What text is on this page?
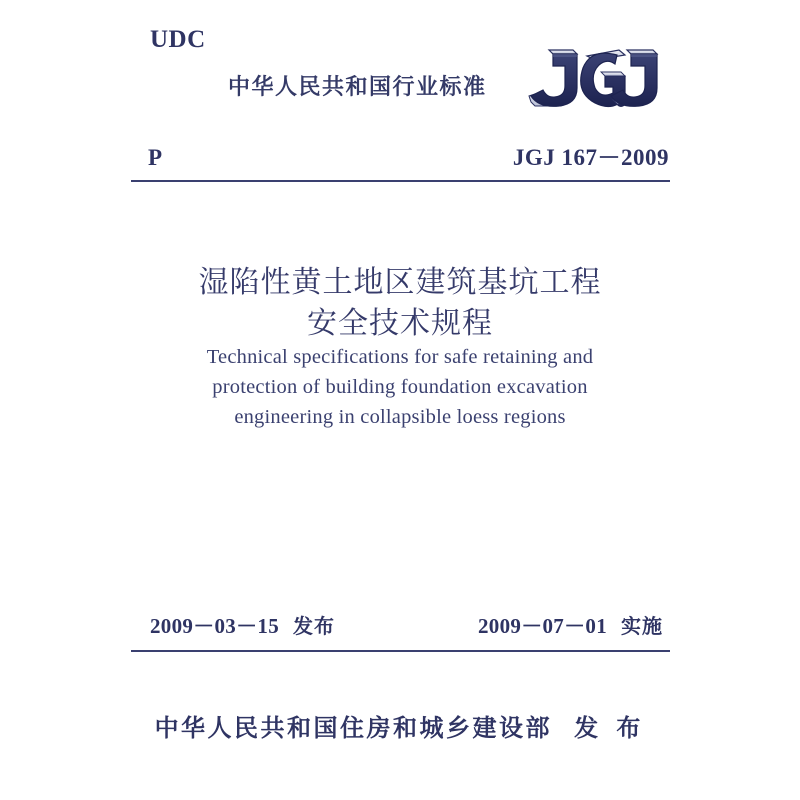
UDC
中华人民共和国行业标准
P	JGJ 167－2009
湿陷性黄土地区建筑基坑工程
安全技术规程
Technical specifications for safe retaining and
protection of building foundation excavation
engineering in collapsible loess regions
2009－03－15 发布	2009－07－01 实施
中华人民共和国住房和城乡建设部 发 布
